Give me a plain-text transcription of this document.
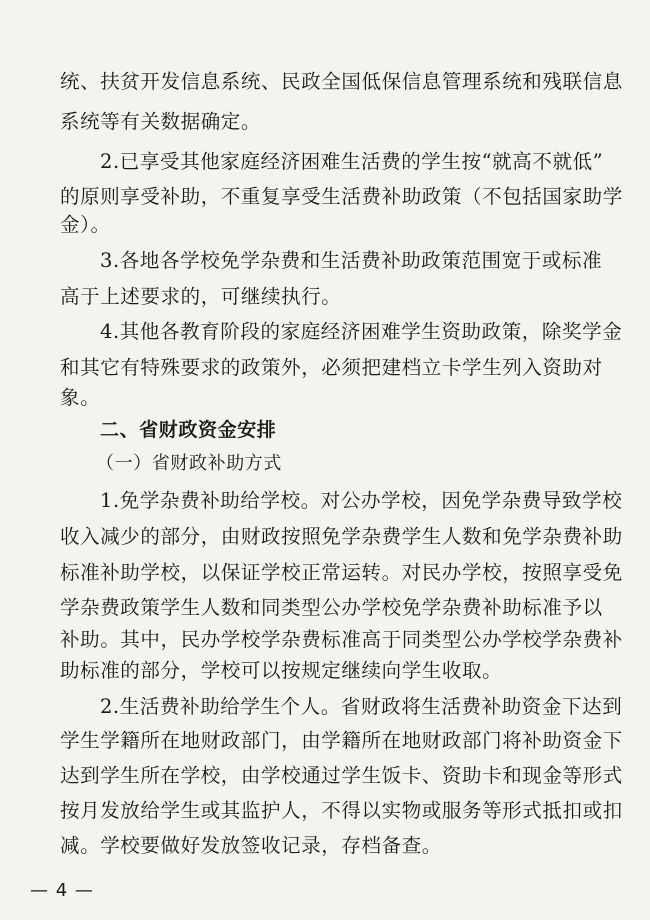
统、扶贫开发信息系统、民政全国低保信息管理系统和残联信息
系统等有关数据确定。
2.已享受其他家庭经济困难生活费的学生按“就高不就低”
的原则享受补助，不重复享受生活费补助政策（不包括国家助学
金）。
3.各地各学校免学杂费和生活费补助政策范围宽于或标准
高于上述要求的，可继续执行。
4.其他各教育阶段的家庭经济困难学生资助政策，除奖学金
和其它有特殊要求的政策外，必须把建档立卡学生列入资助对
象。
二、省财政资金安排
（一）省财政补助方式
1.免学杂费补助给学校。对公办学校，因免学杂费导致学校
收入减少的部分，由财政按照免学杂费学生人数和免学杂费补助
标准补助学校，以保证学校正常运转。对民办学校，按照享受免
学杂费政策学生人数和同类型公办学校免学杂费补助标准予以
补助。其中，民办学校学杂费标准高于同类型公办学校学杂费补
助标准的部分，学校可以按规定继续向学生收取。
2.生活费补助给学生个人。省财政将生活费补助资金下达到
学生学籍所在地财政部门，由学籍所在地财政部门将补助资金下
达到学生所在学校，由学校通过学生饭卡、资助卡和现金等形式
按月发放给学生或其监护人，不得以实物或服务等形式抵扣或扣
减。学校要做好发放签收记录，存档备查。
— 4 —
